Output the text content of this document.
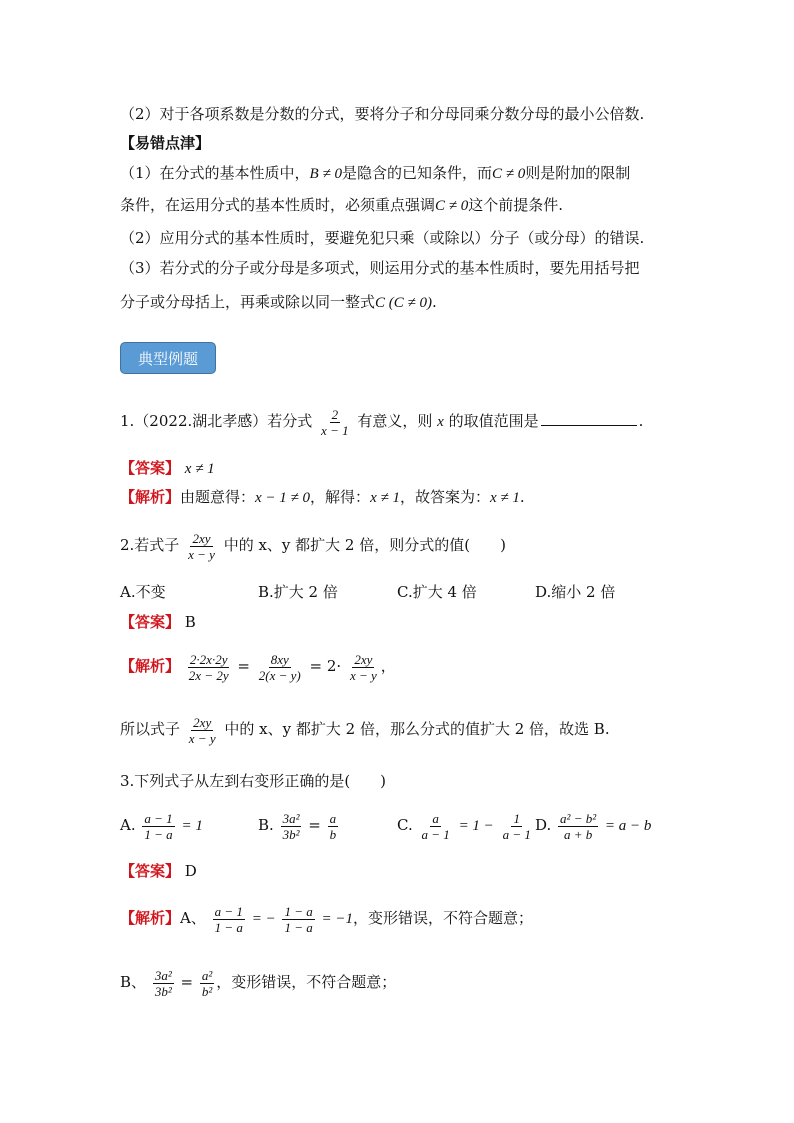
（2）对于各项系数是分数的分式，要将分子和分母同乘分数分母的最小公倍数.
【易错点津】
（1）在分式的基本性质中，B ≠ 0是隐含的已知条件，而C ≠ 0则是附加的限制
条件，在运用分式的基本性质时，必须重点强调C ≠ 0这个前提条件.
（2）应用分式的基本性质时，要避免犯只乘（或除以）分子（或分母）的错误.
（3）若分式的分子或分母是多项式，则运用分式的基本性质时，要先用括号把
分子或分母括上，再乘或除以同一整式C (C ≠ 0).
典型例题
1.（2022.湖北孝感）若分式 $\frac{2}{x - 1}$ 有意义，则 x 的取值范围是	.
【答案】 x ≠ 1
【解析】由题意得：x − 1 ≠ 0，解得：x ≠ 1，故答案为：x ≠ 1.
2.若式子 $\frac{2xy}{x - y}$ 中的 x、y 都扩大 2 倍，则分式的值(　　)
A.不变	B.扩大 2 倍	C.扩大 4 倍	D.缩小 2 倍
【答案】 B
【解析】 $\frac{2\cdot 2x\cdot 2y}{2x - 2y} = \frac{8xy}{2(x - y)} = 2\cdot \frac{2xy}{x - y}$ ，
所以式子 $\frac{2xy}{x - y}$ 中的 x、y 都扩大 2 倍，那么分式的值扩大 2 倍，故选 B.
3.下列式子从左到右变形正确的是(　　)
A. $\frac{a - 1}{1 - a} = 1$	B. $\frac{\text{3a²}}{\text{3b²}} = \frac{a}{b}$	C. $\frac{a}{a - 1} = 1 - \frac{1}{a - 1} D$. $\frac{\text{a² − b²}}{a + b} = a - b$
【答案】 D
【解析】A、 $\frac{a - 1}{1 - a}$ = − $\frac{1 - a}{1 - a} = -1$，变形错误，不符合题意；
B、 $\frac{\text{3a²}}{\text{3b²}} = \frac{\text{a²}}{\text{b²}}$ ，变形错误，不符合题意；
